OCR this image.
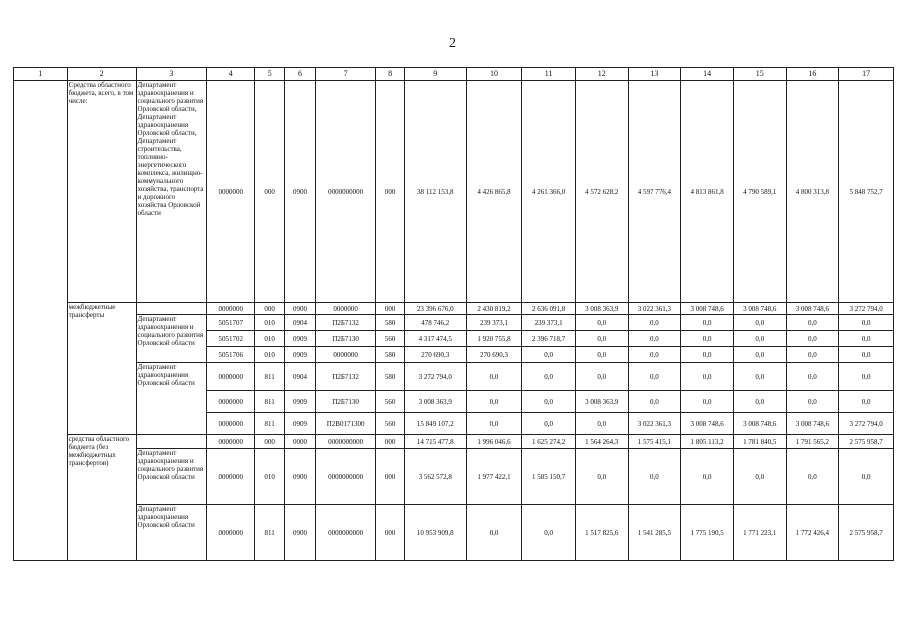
2
1	2	3	4	5	6	7	8	9	10	11	12	13	14	15	16	17
	Средства областного бюджета, всего, в том числе:	Департамент здравоохранения и социального развития Орловской области, Департамент здравоохранения Орловской области, Департамент строительства, топливно-энергетического комплекса, жилищно-коммунального хозяйства, транспорта и дорожного хозяйства Орловской области	0000000	000	0900	0000000000	000	38 112 153,8	4 426 865,8	4 261 366,0	4 572 628,2	4 597 776,4	4 813 861,8	4 790 589,1	4 800 313,8	5 848 752,7
	межбюджетные трансферты		0000000	000	0900	0000000	000	23 396 676,0	2 430 819,2	2 636 091,8	3 008 363,9	3 022 361,3	3 008 748,6	3 008 748,6	3 008 748,6	3 272 794,0
		Департамент здравоохранения и социального развития Орловской области	5051707	010	0904	П2Б7132	580	478 746,2	239 373,1	239 373,1	0,0	0,0	0,0	0,0	0,0	0,0
			5051702	010	0909	П2Б7130	560	4 317 474,5	1 920 755,8	2 396 718,7	0,0	0,0	0,0	0,0	0,0	0,0
			5051706	010	0909	0000000	580	270 690,3	270 690,3	0,0	0,0	0,0	0,0	0,0	0,0	0,0
		Департамент здравоохранения Орловской области	0000000	811	0904	П2Б7132	580	3 272 794,0	0,0	0,0	0,0	0,0	0,0	0,0	0,0	0,0
			0000000	811	0909	П2Б7130	560	3 008 363,9	0,0	0,0	3 008 363,9	0,0	0,0	0,0	0,0	0,0
			0000000	811	0909	П2В0171300	560	15 849 107,2	0,0	0,0	0,0	3 022 361,3	3 008 748,6	3 008 748,6	3 008 748,6	3 272 794,0
	средства областного бюджета (без межбюджетных трансфертов)		0000000	000	0000	0000000000	000	14 715 477,8	1 996 046,6	1 625 274,2	1 564 264,3	1 575 415,1	1 805 113,2	1 781 840,5	1 791 565,2	2 575 958,7
		Департамент здравоохранения и социального развития Орловской области	0000000	010	0900	0000000000	000	3 562 572,8	1 977 422,1	1 585 150,7	0,0	0,0	0,0	0,0	0,0	0,0
		Департамент здравоохранения Орловской области	0000000	811	0900	0000000000	000	10 953 909,8	0,0	0,0	1 517 825,6	1 541 285,5	1 775 190,5	1 771 223,1	1 772 426,4	2 575 958,7
